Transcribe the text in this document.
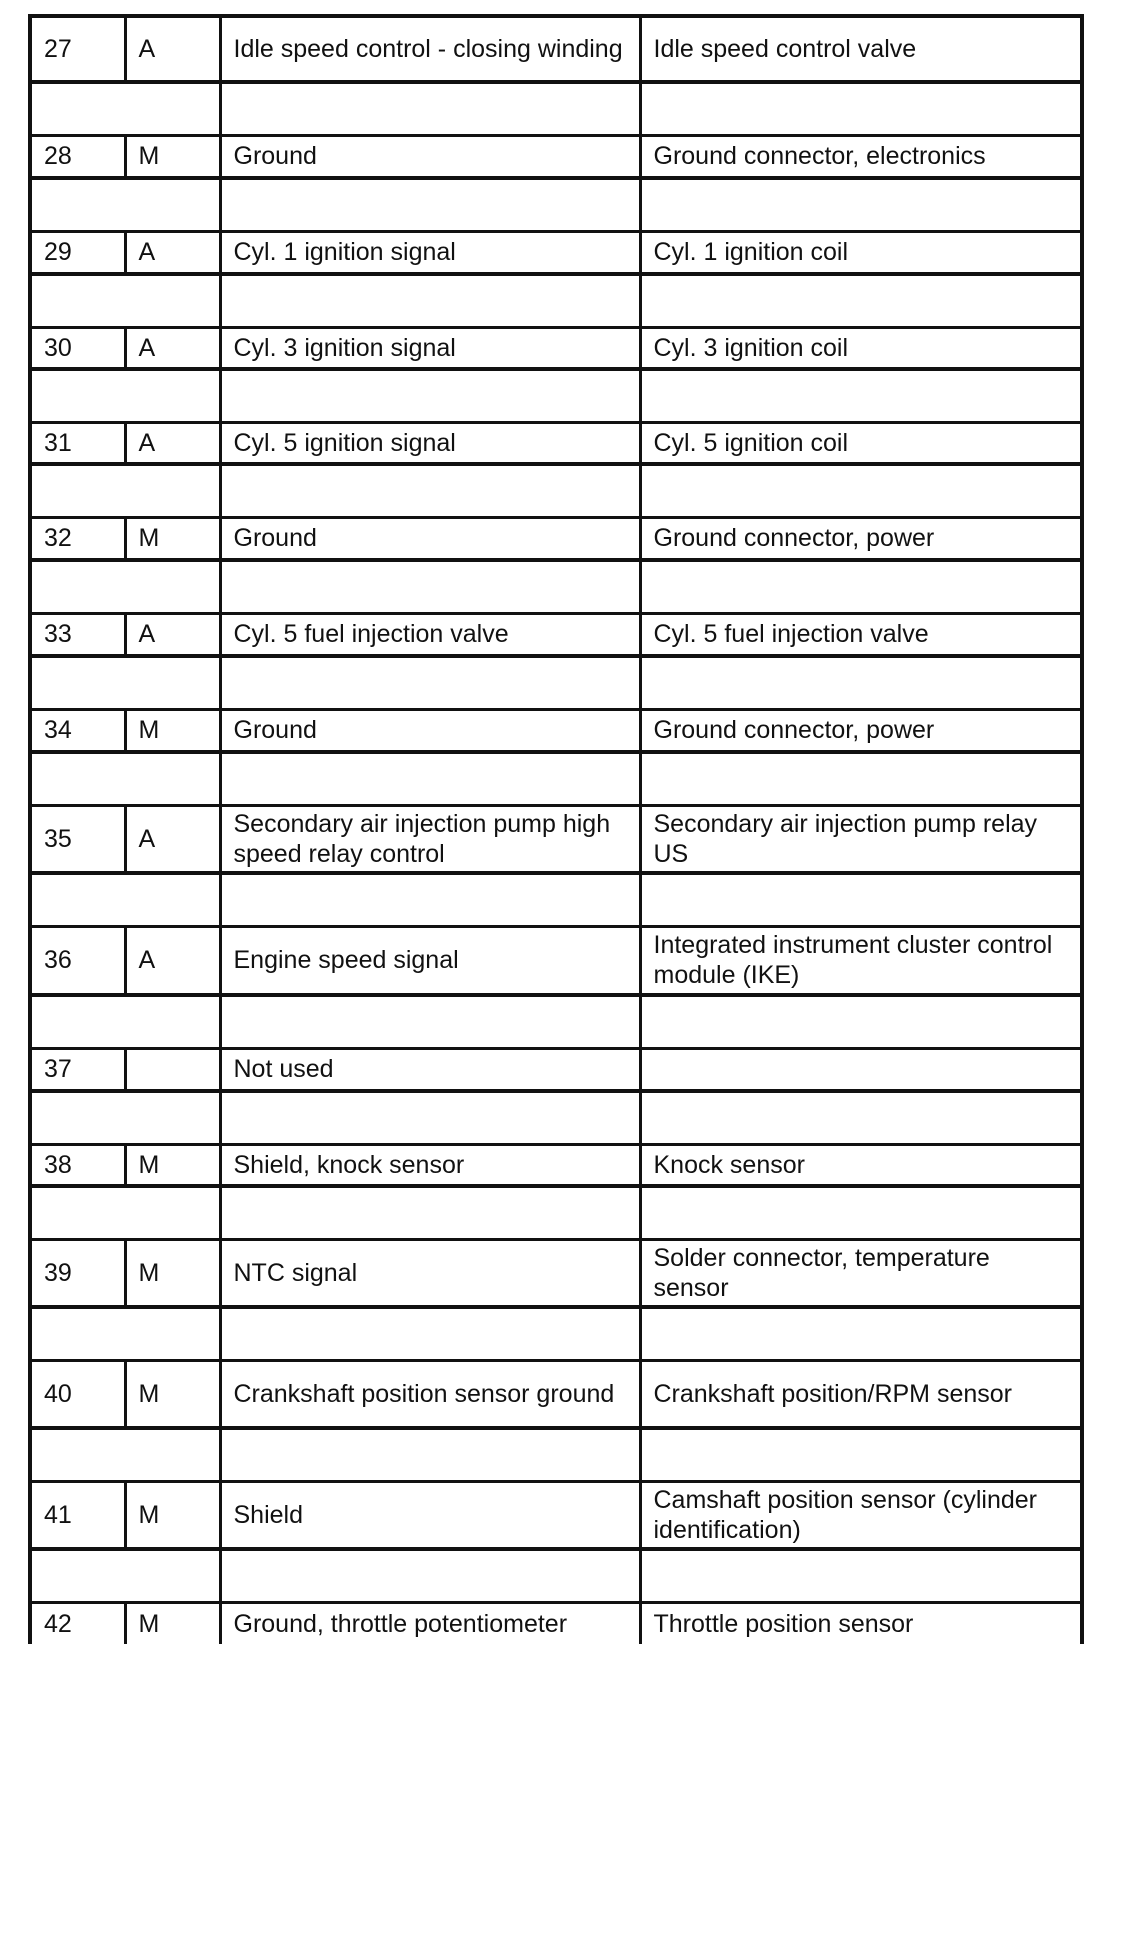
27	A	Idle speed control - closing winding	Idle speed control valve

28	M	Ground	Ground connector, electronics

29	A	Cyl. 1 ignition signal	Cyl. 1 ignition coil

30	A	Cyl. 3 ignition signal	Cyl. 3 ignition coil

31	A	Cyl. 5 ignition signal	Cyl. 5 ignition coil

32	M	Ground	Ground connector, power

33	A	Cyl. 5 fuel injection valve	Cyl. 5 fuel injection valve

34	M	Ground	Ground connector, power

35	A	Secondary air injection pump high speed relay control	Secondary air injection pump relay US

36	A	Engine speed signal	Integrated instrument cluster control module (IKE)

37		Not used	

38	M	Shield, knock sensor	Knock sensor

39	M	NTC signal	Solder connector, temperature sensor

40	M	Crankshaft position sensor ground	Crankshaft position/RPM sensor

41	M	Shield	Camshaft position sensor (cylinder identification)

42	M	Ground, throttle potentiometer	Throttle position sensor
